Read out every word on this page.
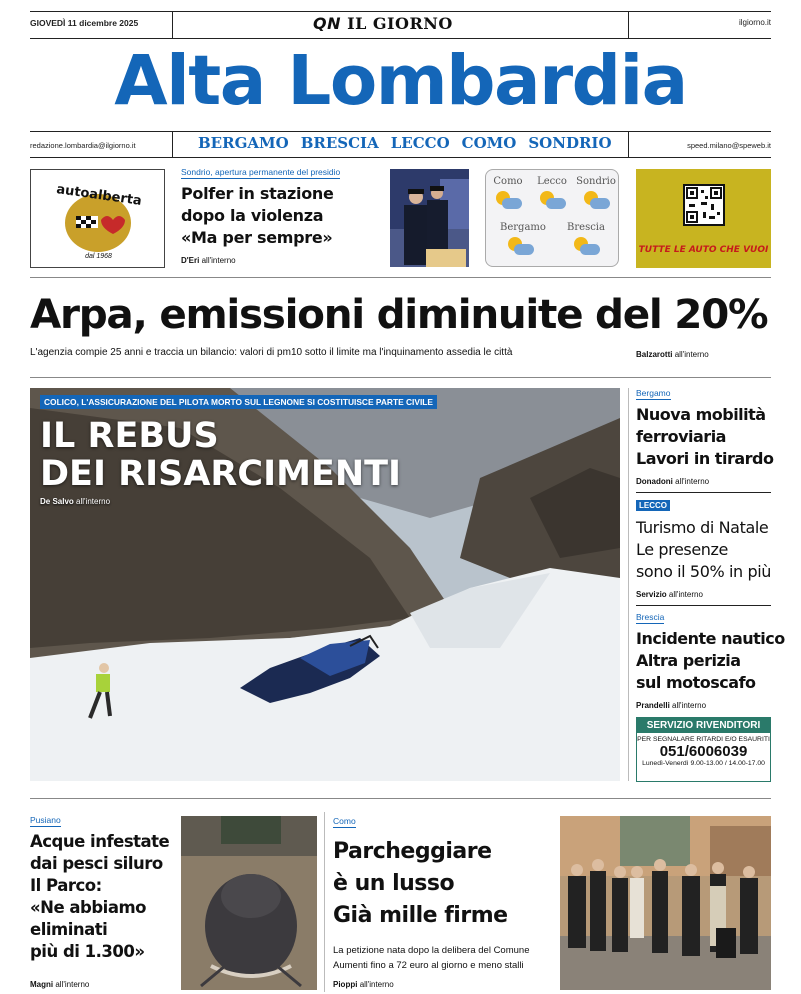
GIOVEDÌ 11 dicembre 2025	QN IL GIORNO	ilgiorno.it
Alta Lombardia
redazione.lombardia@ilgiorno.it	BERGAMO BRESCIA LECCO COMO SONDRIO	speed.milano@speweb.it
autoalberta
dal 1968
Sondrio, apertura permanente del presidio
Polfer in stazione
dopo la violenza
«Ma per sempre»
D'Eri all'interno
Como	Lecco Sondrio
Bergamo Brescia
TUTTE LE AUTO CHE VUOI
Arpa, emissioni diminuite del 20%
L'agenzia compie 25 anni e traccia un bilancio: valori di pm10 sotto il limite ma l'inquinamento assedia le città	Balzarotti all'interno
COLICO, L'ASSICURAZIONE DEL PILOTA MORTO SUL LEGNONE SI COSTITUISCE PARTE CIVILE
IL REBUS
DEI RISARCIMENTI
De Salvo all'interno
Bergamo
Nuova mobilità
ferroviaria
Lavori in tirardo
Donadoni all'interno
LECCO
Turismo di Natale
Le presenze
sono il 50% in più
Servizio all'interno
Brescia
Incidente nautico
Altra perizia
sul motoscafo
Prandelli all'interno
SERVIZIO RIVENDITORI
PER SEGNALARE RITARDI E/O ESAURITI
051/6006039
Lunedì-Venerdì 9.00-13.00 / 14.00-17.00
Pusiano
Acque infestate
dai pesci siluro
Il Parco:
«Ne abbiamo
eliminati
più di 1.300»
Magni all'interno
Como
Parcheggiare
è un lusso
Già mille firme
La petizione nata dopo la delibera del Comune
Aumenti fino a 72 euro al giorno e meno stalli
Pioppi all'interno
